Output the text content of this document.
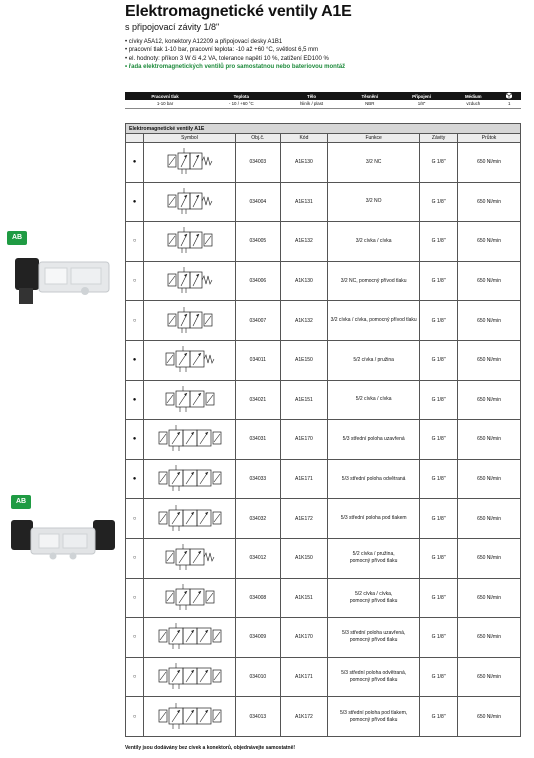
Elektromagnetické ventily A1E
s připojovací závity 1/8"
• cívky A5A12, konektory A12209 a připojovací desky A1B1
• pracovní tlak 1-10 bar, pracovní teplota: -10 až +60 °C, světlost 6,5 mm
• el. hodnoty: příkon 3 W či 4,2 VA, tolerance napětí 10 %, zatížení ED100 %
• řada elektromagnetických ventilů pro samostatnou nebo bateriovou montáž
Pracovní tlak	Teplota	Tělo	Těsnění	Připojení	Médium	
1-10 bar	- 10 / +60 °C	hliník / plast	NBR	1/8"	vzduch	1
Elektromagnetické ventily A1E						
	Symbol	Obj.č.	Kód	Funkce	Závity	Průtok
●		034003	A1E130	3/2 NC	G 1/8"	650 Nl/min
●		034004	A1E131	3/2 NO	G 1/8"	650 Nl/min
○		034005	A1E132	3/2 cívka / cívka	G 1/8"	650 Nl/min
○		034006	A1K130	3/2 NC, pomocný přívod tlaku	G 1/8"	650 Nl/min
○		034007	A1K132	3/2 cívka / cívka, pomocný přívod tlaku	G 1/8"	650 Nl/min
●		034011	A1E150	5/2 cívka / pružina	G 1/8"	650 Nl/min
●		034021	A1E151	5/2 cívka / cívka	G 1/8"	650 Nl/min
●		034031	A1E170	5/3 střední poloha uzavřená	G 1/8"	650 Nl/min
●		034033	A1E171	5/3 střední poloha odvětraná	G 1/8"	650 Nl/min
○		034032	A1E172	5/3 střední poloha pod tlakem	G 1/8"	650 Nl/min
○		034012	A1K150	5/2 cívka / pružina,
pomocný přívod tlaku	G 1/8"	650 Nl/min
○		034008	A1K151	5/2 cívka / cívka,
pomocný přívod tlaku	G 1/8"	650 Nl/min
○		034009	A1K170	5/3 střední poloha uzavřená,
pomocný přívod tlaku	G 1/8"	650 Nl/min
○		034010	A1K171	5/3 střední poloha odvětraná,
pomocný přívod tlaku	G 1/8"	650 Nl/min
○		034013	A1K172	5/3 střední poloha pod tlakem,
pomocný přívod tlaku	G 1/8"	650 Nl/min
Ventily jsou dodávány bez cívek a konektorů, objednávejte samostatně!
AB
AB
